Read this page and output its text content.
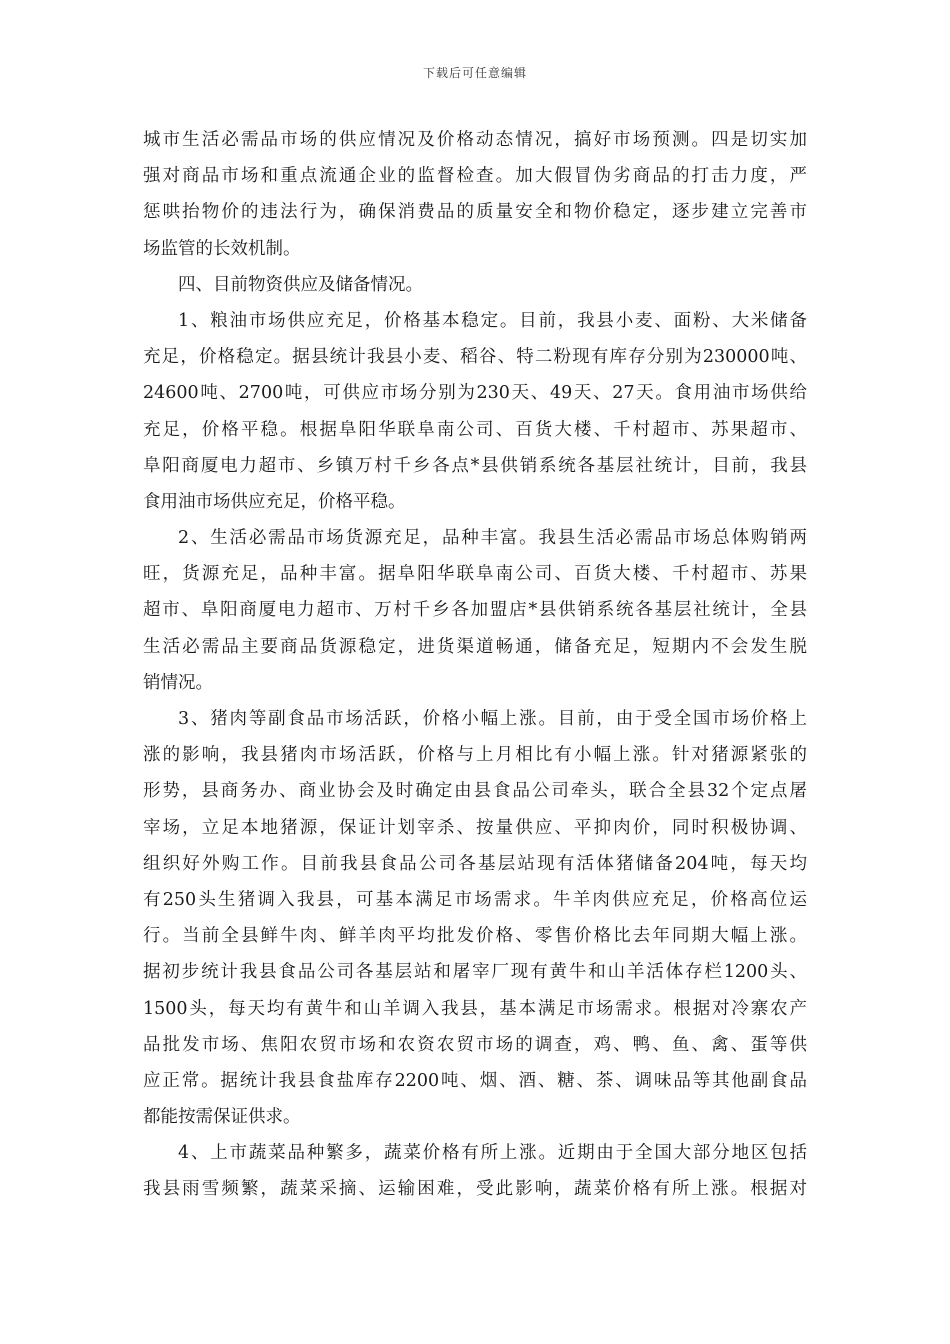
下载后可任意编辑
城市生活必需品市场的供应情况及价格动态情况，搞好市场预测。四是切实加
强对商品市场和重点流通企业的监督检查。加大假冒伪劣商品的打击力度，严
惩哄抬物价的违法行为，确保消费品的质量安全和物价稳定，逐步建立完善市
场监管的长效机制。
四、目前物资供应及储备情况。
1、粮油市场供应充足，价格基本稳定。目前，我县小麦、面粉、大米储备
充足，价格稳定。据县统计我县小麦、稻谷、特二粉现有库存分别为230000吨、
24600吨、2700吨，可供应市场分别为230天、49天、27天。食用油市场供给
充足，价格平稳。根据阜阳华联阜南公司、百货大楼、千村超市、苏果超市、
阜阳商厦电力超市、乡镇万村千乡各点*县供销系统各基层社统计，目前，我县
食用油市场供应充足，价格平稳。
2、生活必需品市场货源充足，品种丰富。我县生活必需品市场总体购销两
旺，货源充足，品种丰富。据阜阳华联阜南公司、百货大楼、千村超市、苏果
超市、阜阳商厦电力超市、万村千乡各加盟店*县供销系统各基层社统计，全县
生活必需品主要商品货源稳定，进货渠道畅通，储备充足，短期内不会发生脱
销情况。
3、猪肉等副食品市场活跃，价格小幅上涨。目前，由于受全国市场价格上
涨的影响，我县猪肉市场活跃，价格与上月相比有小幅上涨。针对猪源紧张的
形势，县商务办、商业协会及时确定由县食品公司牵头，联合全县32个定点屠
宰场，立足本地猪源，保证计划宰杀、按量供应、平抑肉价，同时积极协调、
组织好外购工作。目前我县食品公司各基层站现有活体猪储备204吨，每天均
有250头生猪调入我县，可基本满足市场需求。牛羊肉供应充足，价格高位运
行。当前全县鲜牛肉、鲜羊肉平均批发价格、零售价格比去年同期大幅上涨。
据初步统计我县食品公司各基层站和屠宰厂现有黄牛和山羊活体存栏1200头、
1500头，每天均有黄牛和山羊调入我县，基本满足市场需求。根据对冷寨农产
品批发市场、焦阳农贸市场和农资农贸市场的调查，鸡、鸭、鱼、禽、蛋等供
应正常。据统计我县食盐库存2200吨、烟、酒、糖、茶、调味品等其他副食品
都能按需保证供求。
4、上市蔬菜品种繁多，蔬菜价格有所上涨。近期由于全国大部分地区包括
我县雨雪频繁，蔬菜采摘、运输困难，受此影响，蔬菜价格有所上涨。根据对
